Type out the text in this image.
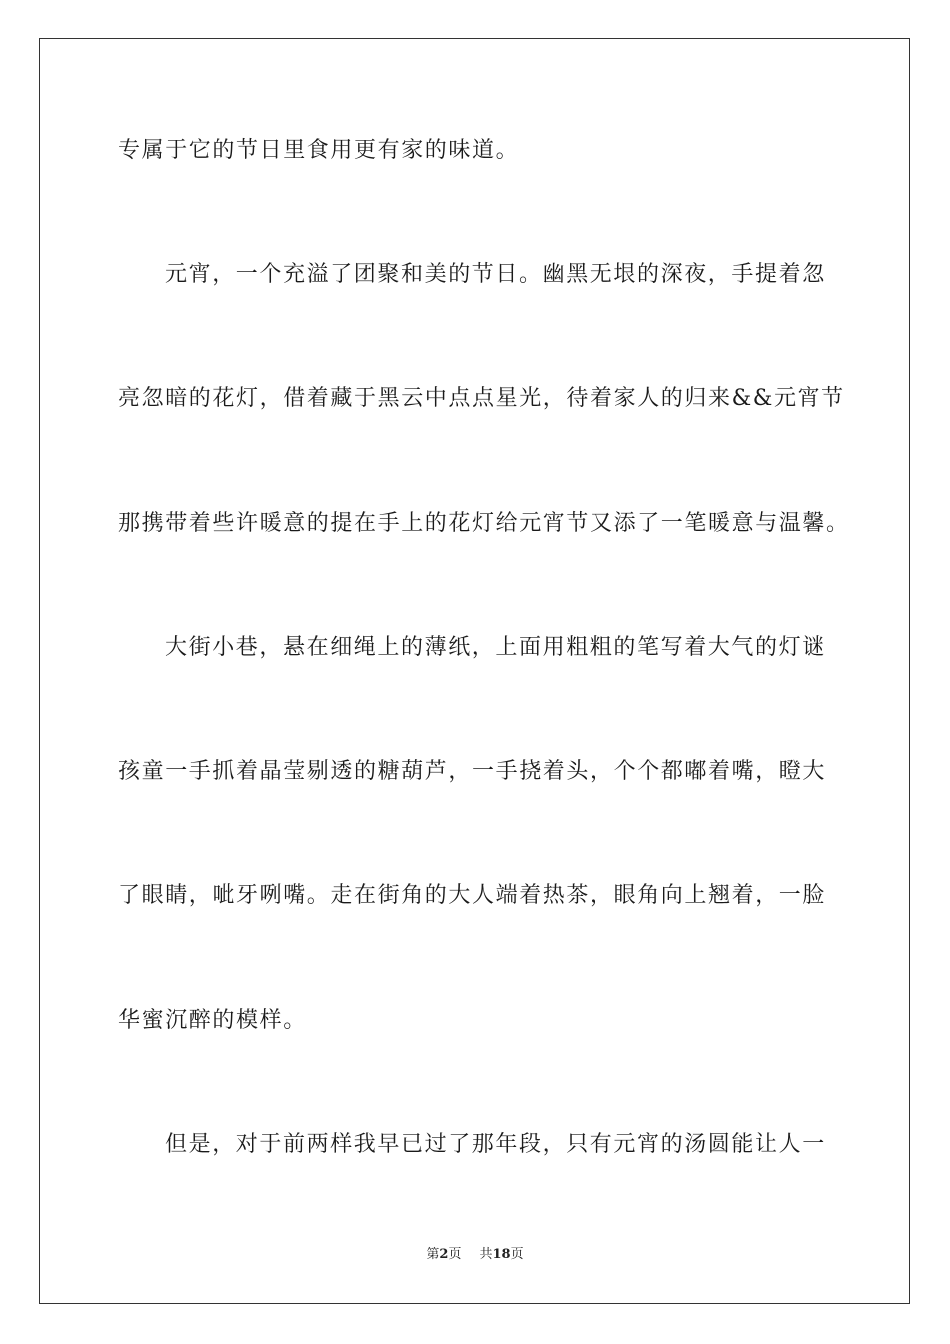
专属于它的节日里食用更有家的味道。
元宵，一个充溢了团聚和美的节日。幽黑无垠的深夜，手提着忽
亮忽暗的花灯，借着藏于黑云中点点星光，待着家人的归来&&元宵节
那携带着些许暖意的提在手上的花灯给元宵节又添了一笔暖意与温馨。
大街小巷，悬在细绳上的薄纸，上面用粗粗的笔写着大气的灯谜
孩童一手抓着晶莹剔透的糖葫芦，一手挠着头，个个都嘟着嘴，瞪大
了眼睛，呲牙咧嘴。走在街角的大人端着热茶，眼角向上翘着，一脸
华蜜沉醉的模样。
但是，对于前两样我早已过了那年段，只有元宵的汤圆能让人一
第2页 共18页
